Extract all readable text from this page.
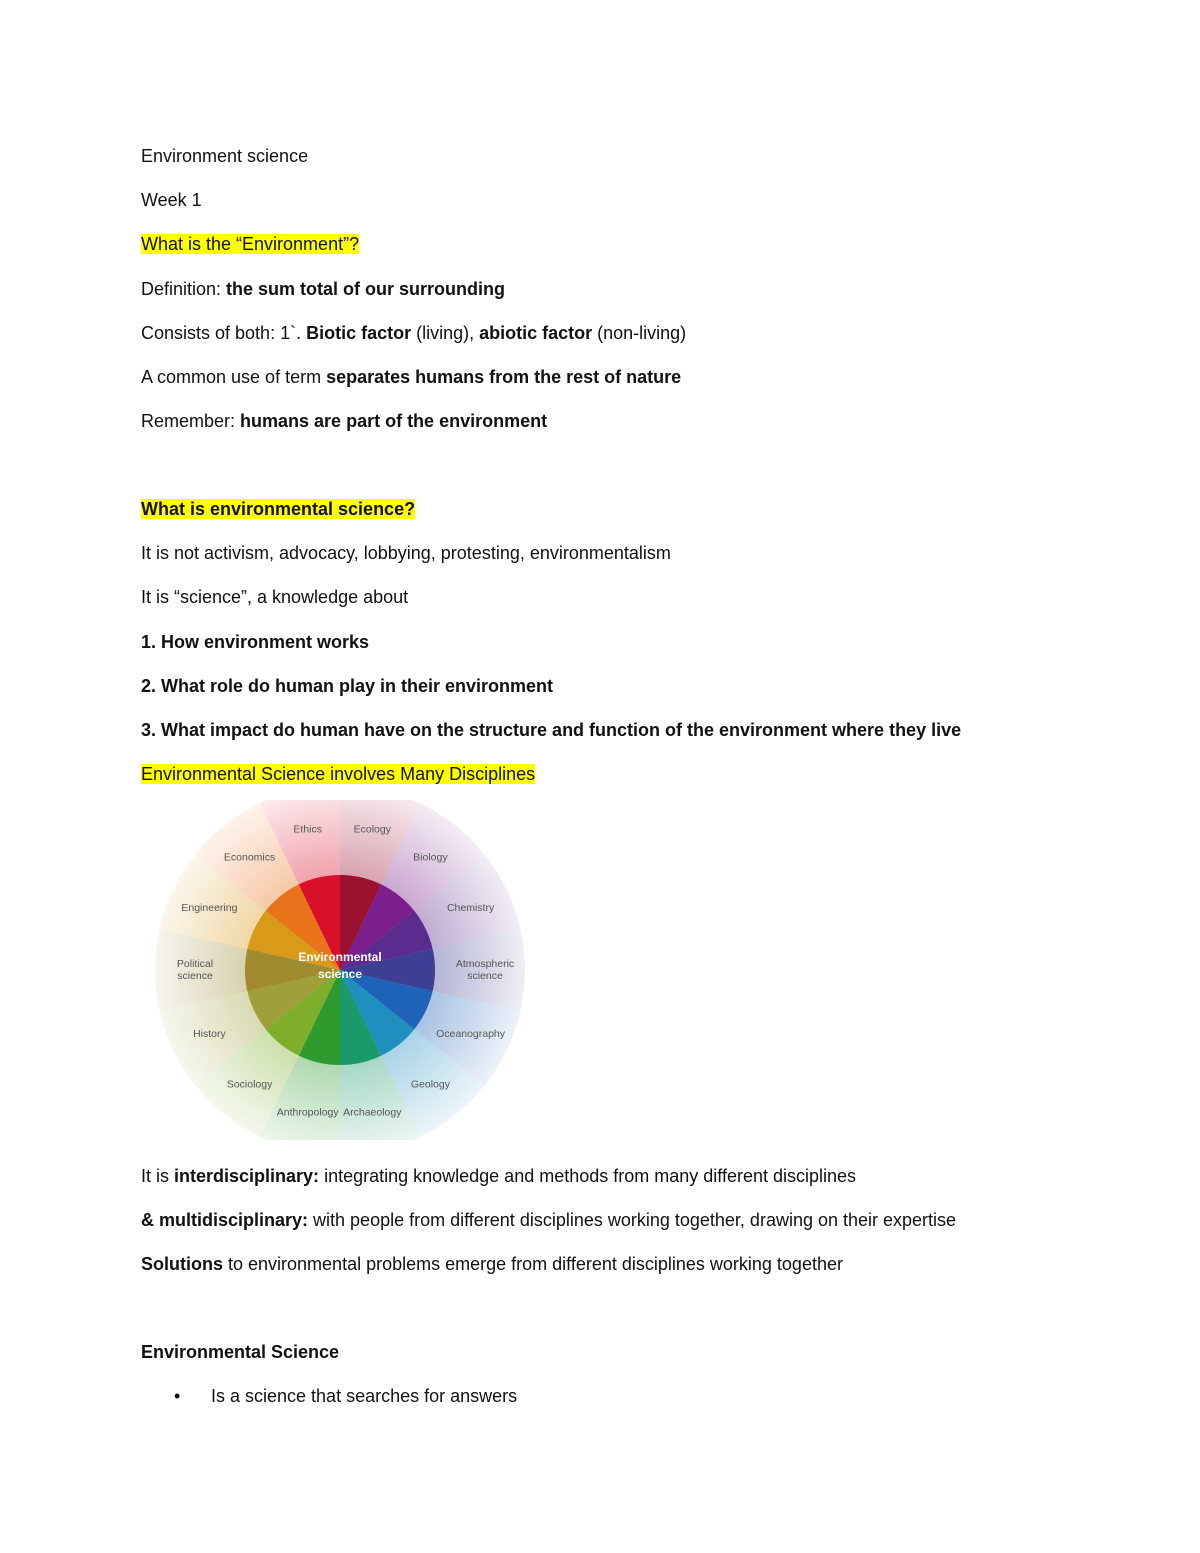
Environment science
Week 1
What is the “Environment”?
Definition: the sum total of our surrounding
Consists of both: 1`. Biotic factor (living), abiotic factor (non-living)
A common use of term separates humans from the rest of nature
Remember: humans are part of the environment
What is environmental science?
It is not activism, advocacy, lobbying, protesting, environmentalism
It is “science”, a knowledge about
1. How environment works
2. What role do human play in their environment
3. What impact do human have on the structure and function of the environment where they live
Environmental Science involves Many Disciplines
Ecology
Biology
Chemistry
Atmospheric science
Oceanography
Geology
Archaeology
Anthropology
Sociology
History
Political science
Engineering
Economics
Ethics
Environmental
science
It is interdisciplinary: integrating knowledge and methods from many different disciplines
& multidisciplinary: with people from different disciplines working together, drawing on their expertise
Solutions to environmental problems emerge from different disciplines working together
Environmental Science
• Is a science that searches for answers
